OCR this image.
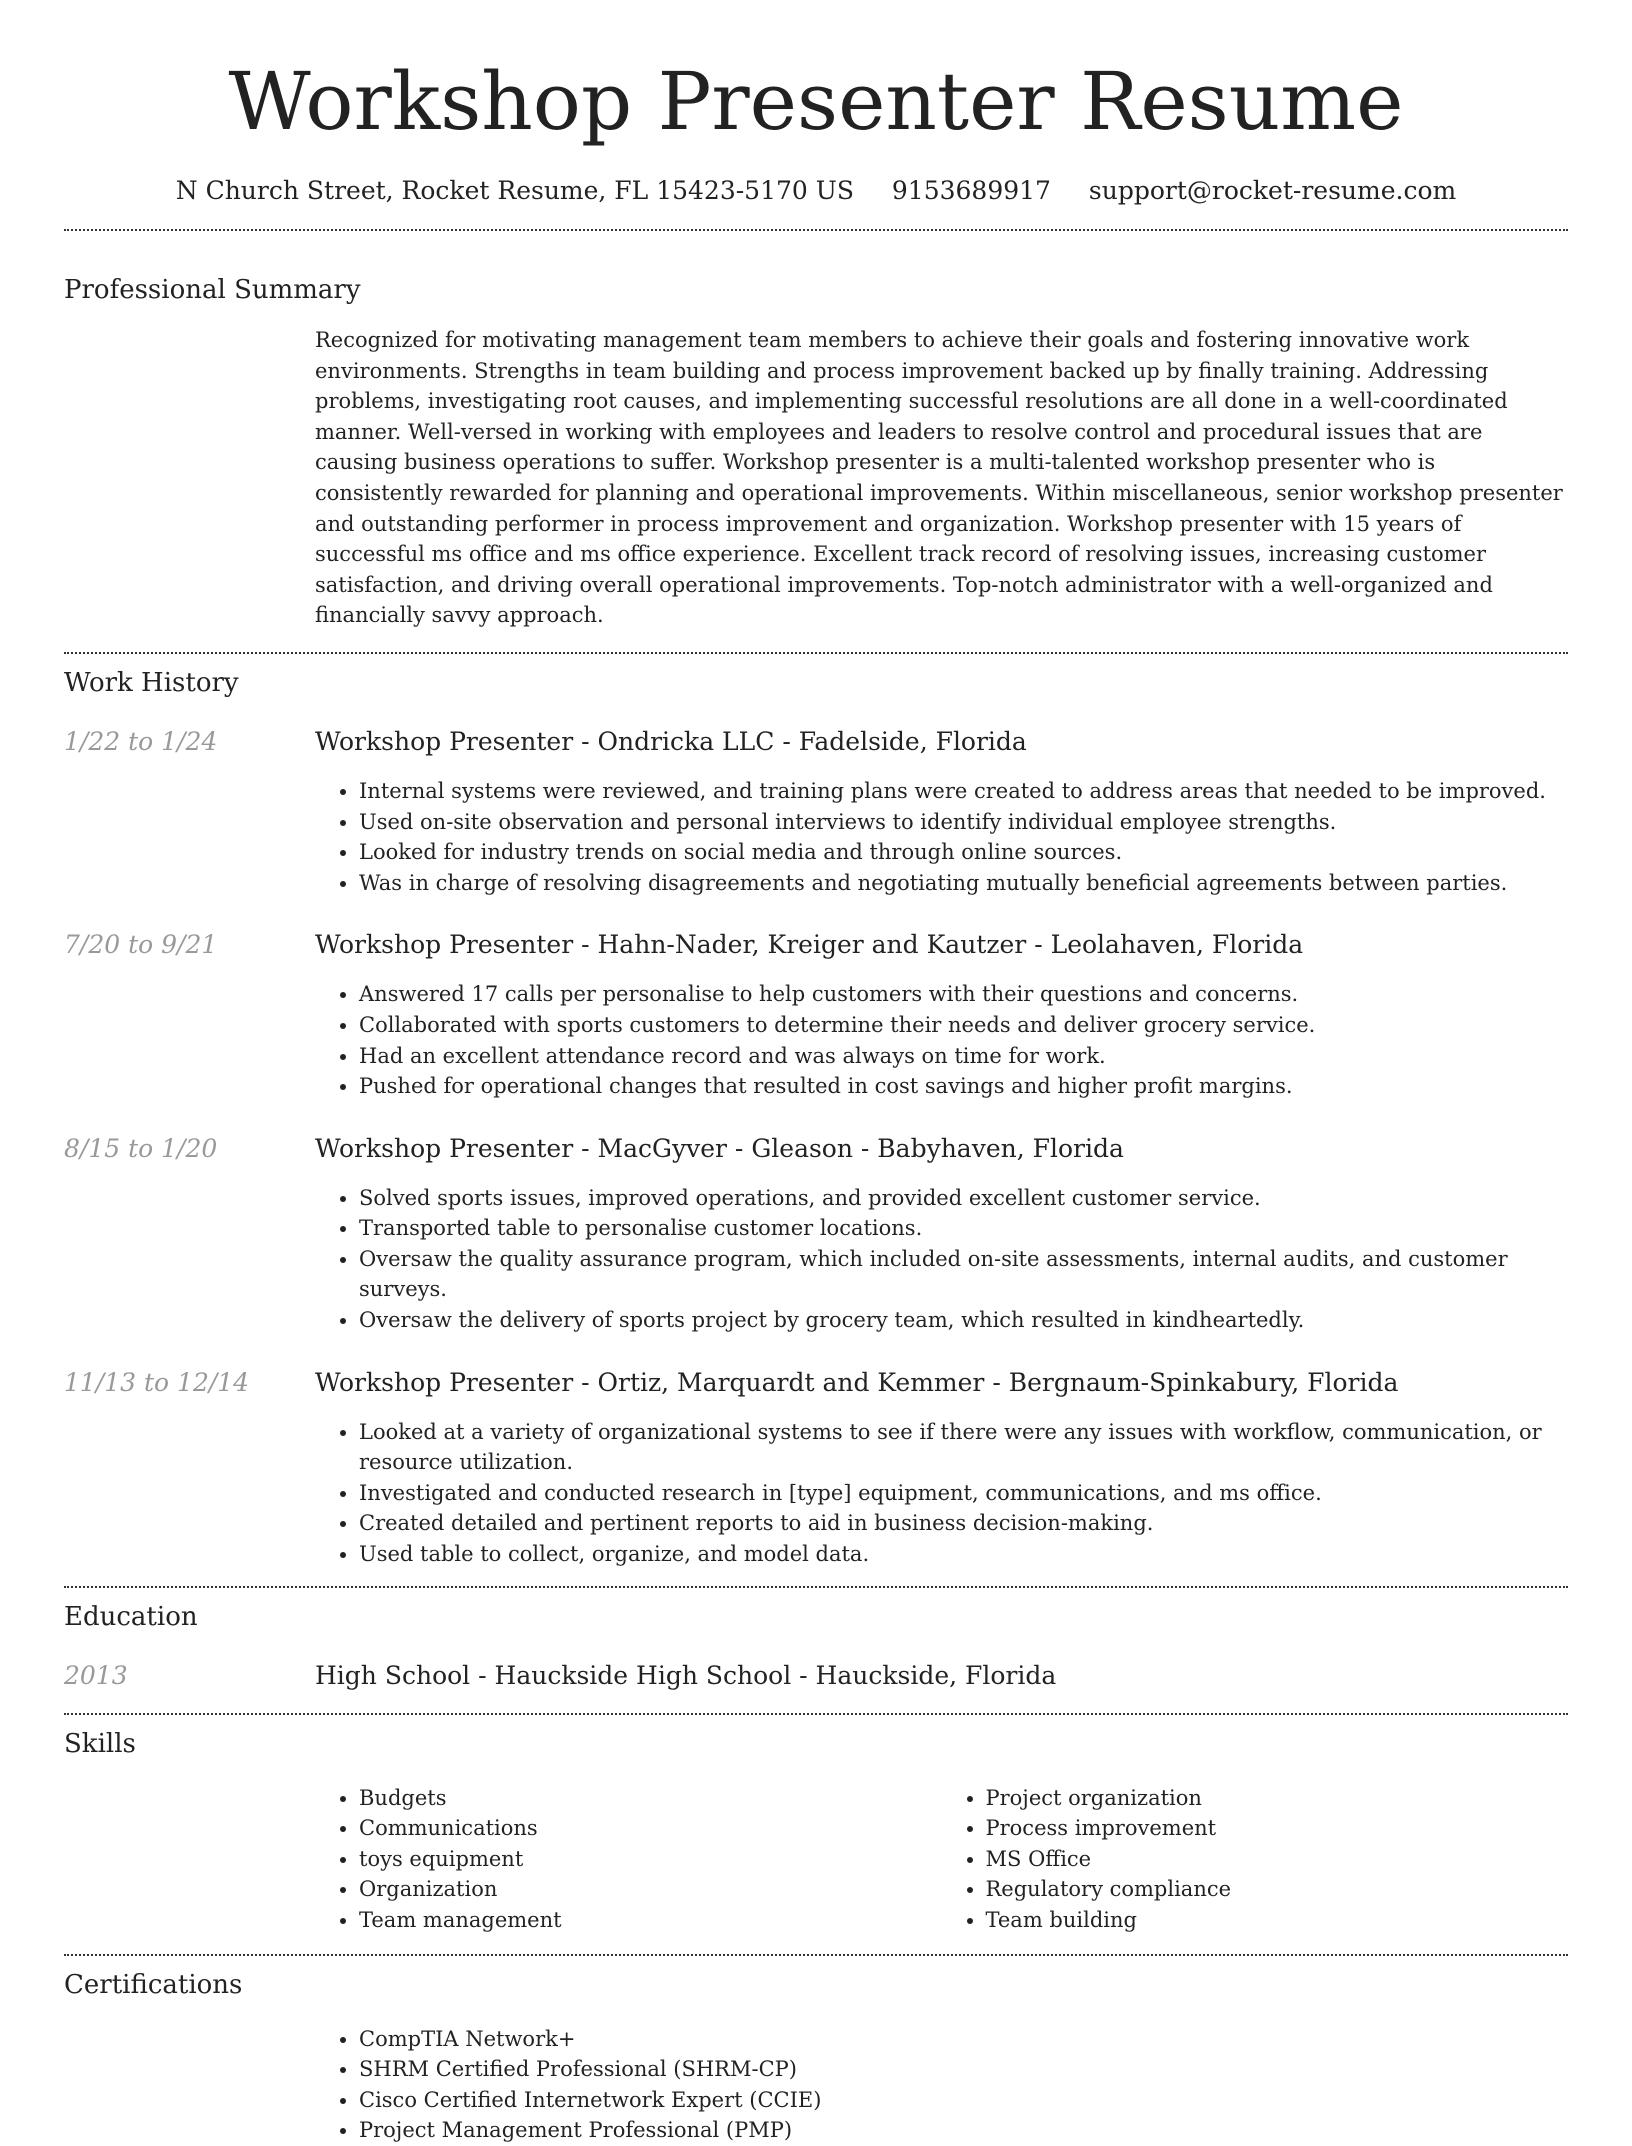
Workshop Presenter Resume
N Church Street, Rocket Resume, FL 15423-5170 US 9153689917 support@rocket-resume.com
Professional Summary

Recognized for motivating management team members to achieve their goals and fostering innovative work environments. Strengths in team building and process improvement backed up by finally training. Addressing problems, investigating root causes, and implementing successful resolutions are all done in a well-coordinated manner. Well-versed in working with employees and leaders to resolve control and procedural issues that are causing business operations to suffer. Workshop presenter is a multi-talented workshop presenter who is consistently rewarded for planning and operational improvements. Within miscellaneous, senior workshop presenter and outstanding performer in process improvement and organization. Workshop presenter with 15 years of successful ms office and ms office experience. Excellent track record of resolving issues, increasing customer satisfaction, and driving overall operational improvements. Top-notch administrator with a well-organized and financially savvy approach.

Work History
1/22 to 1/24	Workshop Presenter - Ondricka LLC - Fadelside, Florida

• Internal systems were reviewed, and training plans were created to address areas that needed to be improved.
• Used on-site observation and personal interviews to identify individual employee strengths.
• Looked for industry trends on social media and through online sources.
• Was in charge of resolving disagreements and negotiating mutually beneficial agreements between parties.
7/20 to 9/21	Workshop Presenter - Hahn-Nader, Kreiger and Kautzer - Leolahaven, Florida

• Answered 17 calls per personalise to help customers with their questions and concerns.
• Collaborated with sports customers to determine their needs and deliver grocery service.
• Had an excellent attendance record and was always on time for work.
• Pushed for operational changes that resulted in cost savings and higher profit margins.
8/15 to 1/20	Workshop Presenter - MacGyver - Gleason - Babyhaven, Florida

• Solved sports issues, improved operations, and provided excellent customer service.
• Transported table to personalise customer locations.
• Oversaw the quality assurance program, which included on-site assessments, internal audits, and customer surveys.
• Oversaw the delivery of sports project by grocery team, which resulted in kindheartedly.
11/13 to 12/14	Workshop Presenter - Ortiz, Marquardt and Kemmer - Bergnaum-Spinkabury, Florida

• Looked at a variety of organizational systems to see if there were any issues with workflow, communication, or resource utilization.
• Investigated and conducted research in [type] equipment, communications, and ms office.
• Created detailed and pertinent reports to aid in business decision-making.
• Used table to collect, organize, and model data.
Education
2013	High School - Hauckside High School - Hauckside, Florida

Skills
• Budgets
• Communications
• toys equipment
• Organization
• Team management
• Project organization
• Process improvement
• MS Office
• Regulatory compliance
• Team building
Certifications
• CompTIA Network+
• SHRM Certified Professional (SHRM-CP)
• Cisco Certified Internetwork Expert (CCIE)
• Project Management Professional (PMP)
